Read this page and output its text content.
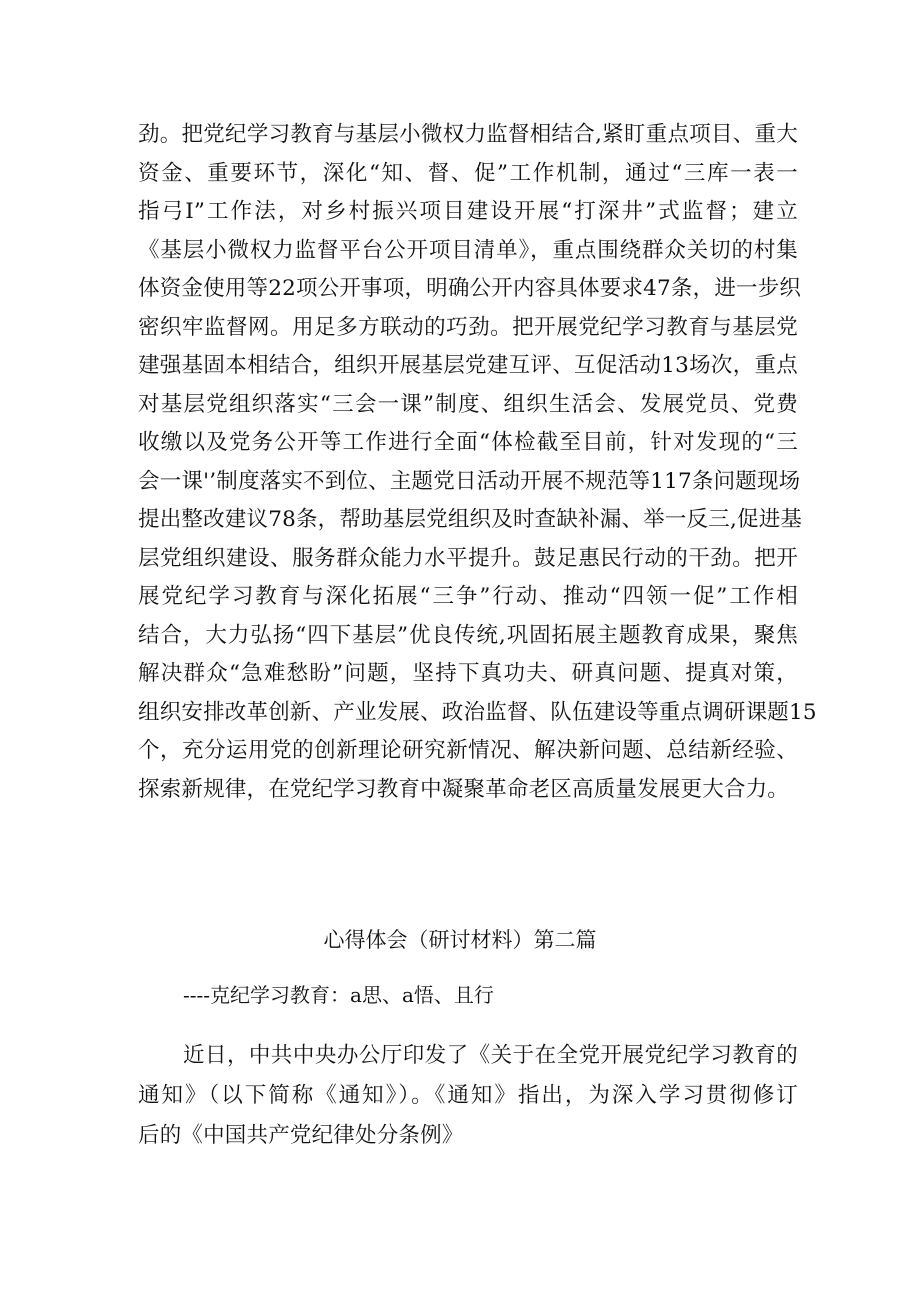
劲。把党纪学习教育与基层小微权力监督相结合,紧盯重点项目、重大
资金、重要环节，深化“知、督、促”工作机制，通过“三库一表一
指弓I”工作法，对乡村振兴项目建设开展“打深井”式监督；建立
《基层小微权力监督平台公开项目清单》，重点围绕群众关切的村集
体资金使用等22项公开事项，明确公开内容具体要求47条，进一步织
密织牢监督网。用足多方联动的巧劲。把开展党纪学习教育与基层党
建强基固本相结合，组织开展基层党建互评、互促活动13场次，重点
对基层党组织落实“三会一课”制度、组织生活会、发展党员、党费
收缴以及党务公开等工作进行全面“体检截至目前，针对发现的“三
会一课'’制度落实不到位、主题党日活动开展不规范等117条问题现场
提出整改建议78条，帮助基层党组织及时查缺补漏、举一反三,促进基
层党组织建设、服务群众能力水平提升。鼓足惠民行动的干劲。把开
展党纪学习教育与深化拓展“三争”行动、推动“四领一促”工作相
结合，大力弘扬“四下基层”优良传统,巩固拓展主题教育成果，聚焦
解决群众“急难愁盼”问题，坚持下真功夫、研真问题、提真对策，
组织安排改革创新、产业发展、政治监督、队伍建设等重点调研课题15
个，充分运用党的创新理论研究新情况、解决新问题、总结新经验、
探索新规律，在党纪学习教育中凝聚革命老区高质量发展更大合力。
心得体会（研讨材料）第二篇
----克纪学习教育：a思、a悟、且行
近日，中共中央办公厅印发了《关于在全党开展党纪学习教育的
通知》（以下简称《通知》）。《通知》指出，为深入学习贯彻修订
后的《中国共产党纪律处分条例》
